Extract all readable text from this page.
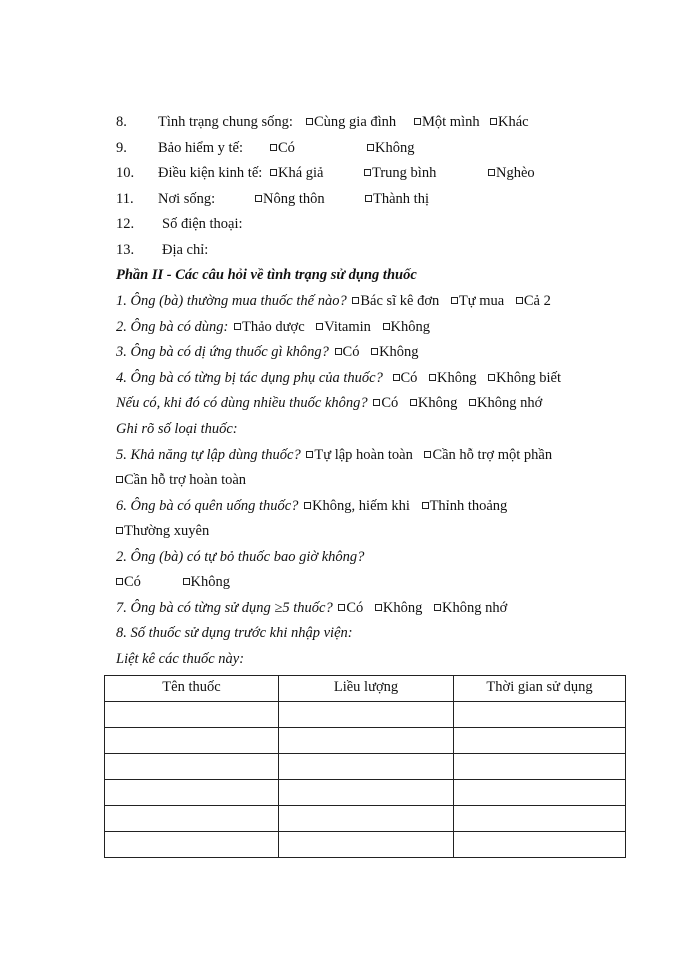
8.	Tình trạng chung sống:	Cùng gia đình	Một mình	Khác
9.	Bảo hiểm y tế:	Có	Không
10.	Điều kiện kinh tế:	Khá giả	Trung bình	Nghèo
11.	Nơi sống:	Nông thôn	Thành thị
12.	Số điện thoại:
13.	Địa chỉ:
Phần II - Các câu hỏi về tình trạng sử dụng thuốc
1. Ông (bà) thường mua thuốc thế nào? Bác sĩ kê đơn Tự mua Cả 2
2. Ông bà có dùng: Thảo dược Vitamin Không
3. Ông bà có dị ứng thuốc gì không? Có Không
4. Ông bà có từng bị tác dụng phụ của thuốc? Có Không Không biết
Nếu có, khi đó có dùng nhiều thuốc không? Có Không Không nhớ
Ghi rõ số loại thuốc:
5. Khả năng tự lập dùng thuốc? Tự lập hoàn toàn Cần hỗ trợ một phần
Cần hỗ trợ hoàn toàn
6. Ông bà có quên uống thuốc? Không, hiếm khi Thỉnh thoảng
Thường xuyên
2. Ông (bà) có tự bỏ thuốc bao giờ không?
Có	Không
7. Ông bà có từng sử dụng ≥5 thuốc? Có Không Không nhớ
8. Số thuốc sử dụng trước khi nhập viện:
Liệt kê các thuốc này:
Tên thuốc	Liều lượng	Thời gian sử dụng
